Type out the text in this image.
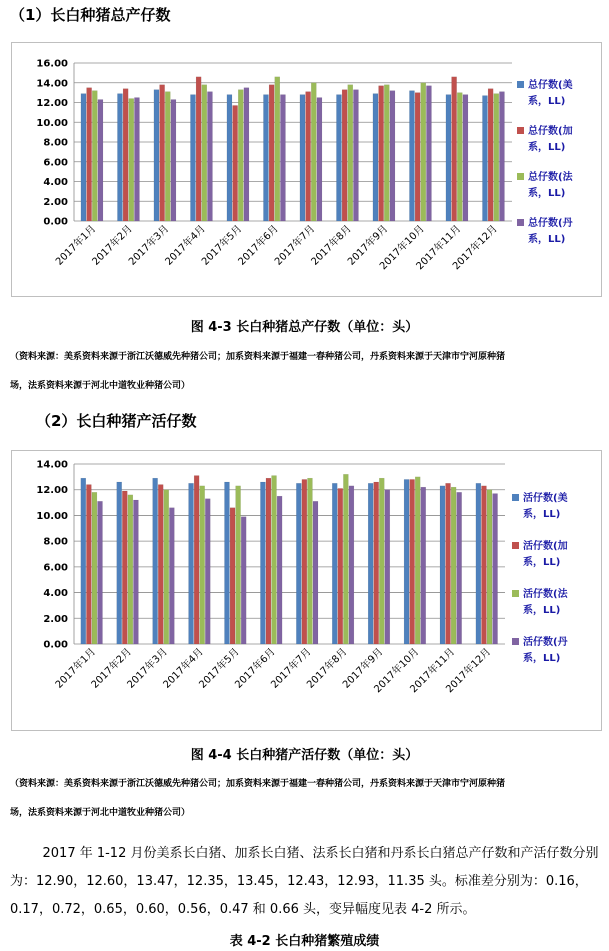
（1）长白种猪总产仔数
0.00
2.00
4.00
6.00
8.00
10.00
12.00
14.00
16.00
2017年1月
2017年2月
2017年3月
2017年4月
2017年5月
2017年6月
2017年7月
2017年8月
2017年9月
2017年10月
2017年11月
2017年12月
总仔数(美
系，LL)
总仔数(加
系，LL)
总仔数(法
系，LL)
总仔数(丹
系，LL)
图 4-3 长白种猪总产仔数（单位：头）
（资料来源：美系资料来源于浙江沃德威先种猪公司；加系资料来源于福建一春种猪公司，丹系资料来源于天津市宁河原种猪
场，法系资料来源于河北中道牧业种猪公司）
（2）长白种猪产活仔数
0.00
2.00
4.00
6.00
8.00
10.00
12.00
14.00
2017年1月
2017年2月
2017年3月
2017年4月
2017年5月
2017年6月
2017年7月
2017年8月
2017年9月
2017年10月
2017年11月
2017年12月
活仔数(美
系，LL)
活仔数(加
系，LL)
活仔数(法
系，LL)
活仔数(丹
系，LL)
图 4-4 长白种猪产活仔数（单位：头）
（资料来源：美系资料来源于浙江沃德威先种猪公司；加系资料来源于福建一春种猪公司，丹系资料来源于天津市宁河原种猪
场，法系资料来源于河北中道牧业种猪公司）
2017 年 1-12 月份美系长白猪、加系长白猪、法系长白猪和丹系长白猪总产仔数和产活仔数分别为：12.90，12.60，13.47，12.35，13.45，12.43，12.93，11.35 头。标准差分别为：0.16，0.17，0.72，0.65，0.60，0.56，0.47 和 0.66 头，变异幅度见表 4-2 所示。
表 4-2 长白种猪繁殖成绩
